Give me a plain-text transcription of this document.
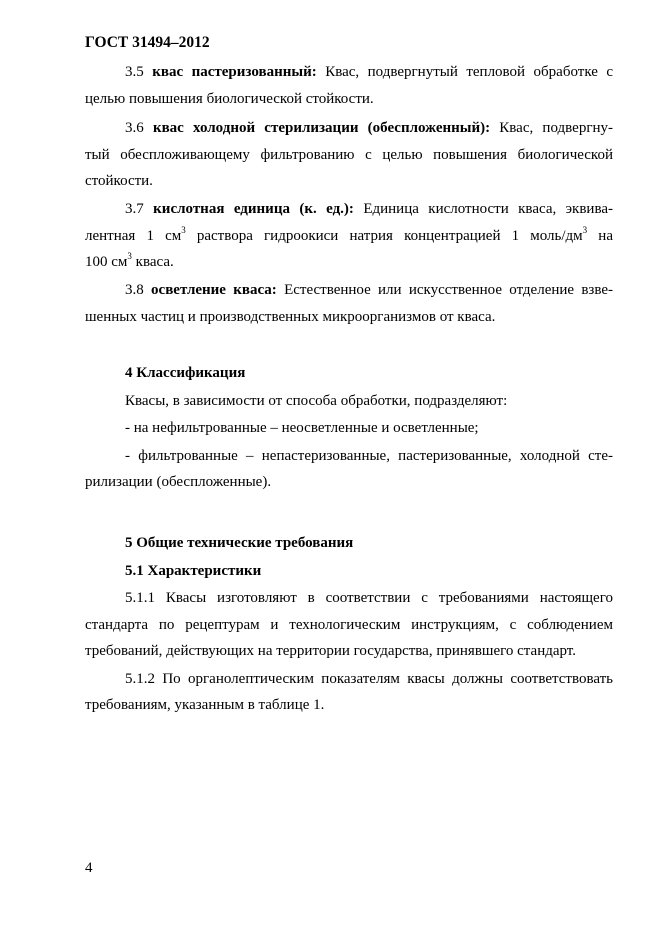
ГОСТ 31494–2012
3.5 квас пастеризованный: Квас, подвергнутый тепловой обработке с
целью повышения биологической стойкости.
3.6 квас холодной стерилизации (обеспложенный): Квас, подвергну-
тый обеспложивающему фильтрованию с целью повышения биологической
стойкости.
3.7 кислотная единица (к. ед.): Единица кислотности кваса, эквива-
лентная 1 $см^3$ раствора гидроокиси натрия концентрацией 1 моль/$дм^3$ на
100 $см^3$ кваса.
3.8 осветление кваса: Естественное или искусственное отделение взве-
шенных частиц и производственных микроорганизмов от кваса.
4 Классификация
Квасы, в зависимости от способа обработки, подразделяют:
- на нефильтрованные – неосветленные и осветленные;
- фильтрованные – непастеризованные, пастеризованные, холодной сте-
рилизации (обеспложенные).
5 Общие технические требования
5.1 Характеристики
5.1.1 Квасы изготовляют в соответствии с требованиями настоящего
стандарта по рецептурам и технологическим инструкциям, с соблюдением
требований, действующих на территории государства, принявшего стандарт.
5.1.2 По органолептическим показателям квасы должны соответствовать
требованиям, указанным в таблице 1.
4
